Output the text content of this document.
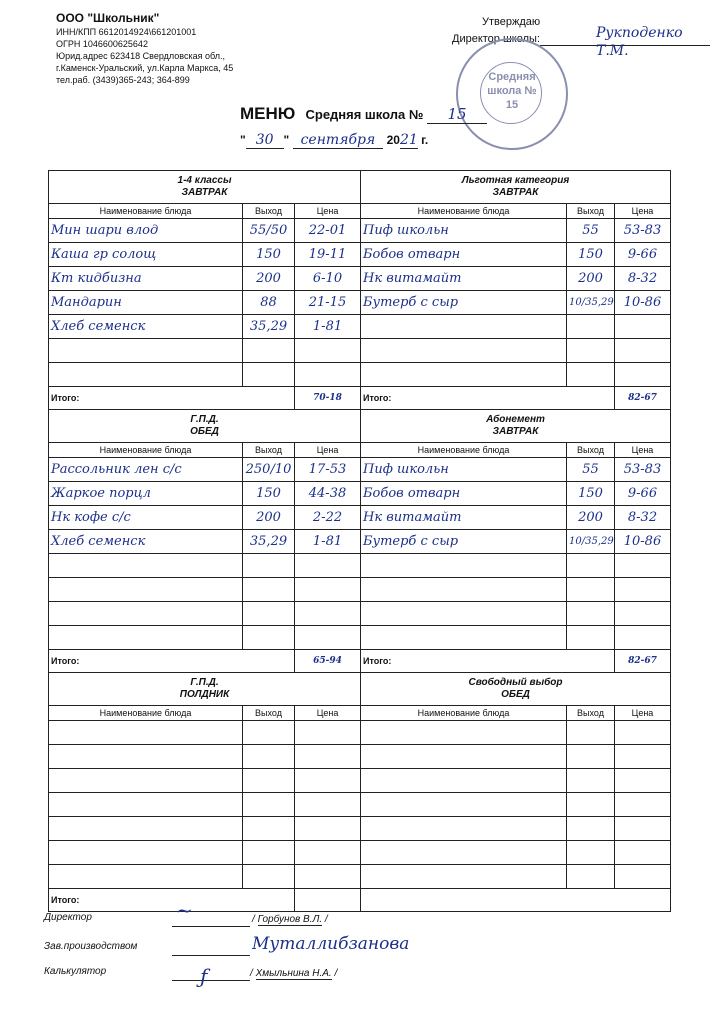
ООО "Школьник"
ИНН/КПП 6612014924\661201001
ОГРН 1046600625642
Юрид.адрес 623418 Свердловская обл.,
г.Каменск-Уральский, ул.Карла Маркса, 45
тел.раб. (3439)365-243; 364-899
Утверждаю
Директор школы:	Рукподенко Т.М.
Средняя школа № 15
МЕНЮ Средняя школа № 15
" 30 " сентября 2021 г.
1-4 классы
ЗАВТРАК		
Наименование блюда	Выход	Цена
Мин шари влод	55/50	22-01
Каша гр солощ	150	19-11
Кт кидбизна	200	6-10
Мандарин	88	21-15
Хлеб семенск	35,29	1-81

Итого:		70-18
Г.П.Д.
ОБЕД		
Наименование блюда	Выход	Цена
Рассольник лен с/с	250/10	17-53
Жаркое порцл	150	44-38
Нк кофе с/с	200	2-22
Хлеб семенск	35,29	1-81

Итого:		65-94
Г.П.Д.
ПОЛДНИК		
Наименование блюда	Выход	Цена

Итого:		
Льготная категория
ЗАВТРАК		
Наименование блюда	Выход	Цена
Пиф школьн	55	53-83
Бобов отварн	150	9-66
Нк витамайт	200	8-32
Бутерб с сыр	10/35,29	10-86

Итого:		82-67
Абонемент
ЗАВТРАК		
Наименование блюда	Выход	Цена
Пиф школьн	55	53-83
Бобов отварн	150	9-66
Нк витамайт	200	8-32
Бутерб с сыр	10/35,29	10-86

Итого:		82-67
Свободный выбор
ОБЕД		
Наименование блюда	Выход	Цена

Директор	~	/ Горбунов В.Л. /
Зав.производством	Муталлибзанова
Калькулятор	ƒ	/ Хмыльнина Н.А. /
